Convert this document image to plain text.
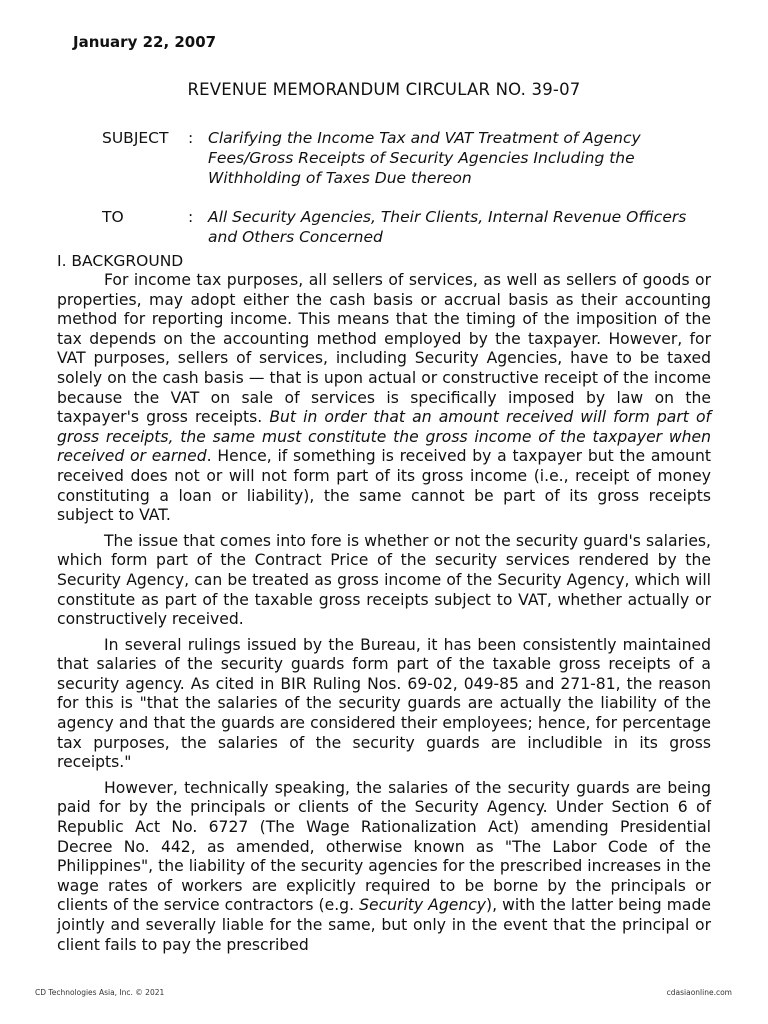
January 22, 2007
REVENUE MEMORANDUM CIRCULAR NO. 39-07
SUBJECT : Clarifying the Income Tax and VAT Treatment of Agency Fees/Gross Receipts of Security Agencies Including the Withholding of Taxes Due thereon
TO	: All Security Agencies, Their Clients, Internal Revenue Officers and Others Concerned
I. BACKGROUND

For income tax purposes, all sellers of services, as well as sellers of goods or properties, may adopt either the cash basis or accrual basis as their accounting method for reporting income. This means that the timing of the imposition of the tax depends on the accounting method employed by the taxpayer. However, for VAT purposes, sellers of services, including Security Agencies, have to be taxed solely on the cash basis — that is upon actual or constructive receipt of the income because the VAT on sale of services is specifically imposed by law on the taxpayer's gross receipts. But in order that an amount received will form part of gross receipts, the same must constitute the gross income of the taxpayer when received or earned. Hence, if something is received by a taxpayer but the amount received does not or will not form part of its gross income (i.e., receipt of money constituting a loan or liability), the same cannot be part of its gross receipts subject to VAT.

The issue that comes into fore is whether or not the security guard's salaries, which form part of the Contract Price of the security services rendered by the Security Agency, can be treated as gross income of the Security Agency, which will constitute as part of the taxable gross receipts subject to VAT, whether actually or constructively received.

In several rulings issued by the Bureau, it has been consistently maintained that salaries of the security guards form part of the taxable gross receipts of a security agency. As cited in BIR Ruling Nos. 69-02, 049-85 and 271-81, the reason for this is "that the salaries of the security guards are actually the liability of the agency and that the guards are considered their employees; hence, for percentage tax purposes, the salaries of the security guards are includible in its gross receipts."

However, technically speaking, the salaries of the security guards are being paid for by the principals or clients of the Security Agency. Under Section 6 of Republic Act No. 6727 (The Wage Rationalization Act) amending Presidential Decree No. 442, as amended, otherwise known as "The Labor Code of the Philippines", the liability of the security agencies for the prescribed increases in the wage rates of workers are explicitly required to be borne by the principals or clients of the service contractors (e.g. Security Agency), with the latter being made jointly and severally liable for the same, but only in the event that the principal or client fails to pay the prescribed

CD Technologies Asia, Inc. © 2021	cdasiaonline.com
